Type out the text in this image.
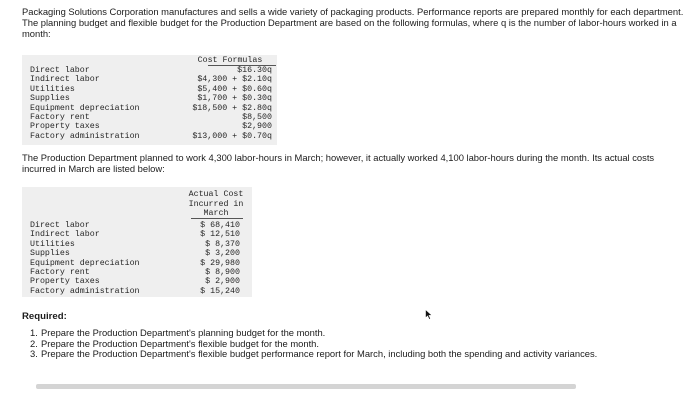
Packaging Solutions Corporation manufactures and sells a wide variety of packaging products. Performance reports are prepared monthly for each department. The planning budget and flexible budget for the Production Department are based on the following formulas, where q is the number of labor-hours worked in a month:

Cost Formulas
Direct labor
Indirect labor
Utilities
Supplies
Equipment depreciation
Factory rent
Property taxes
Factory administration
$16.30q
$4,300 + $2.10q
$5,400 + $0.60q
$1,700 + $0.30q
$18,500 + $2.80q
$8,500
$2,900
$13,000 + $0.70q

The Production Department planned to work 4,300 labor-hours in March; however, it actually worked 4,100 labor-hours during the month. Its actual costs incurred in March are listed below:

Actual Cost
Incurred in
March
Direct labor
Indirect labor
Utilities
Supplies
Equipment depreciation
Factory rent
Property taxes
Factory administration
$ 68,410
$ 12,510
$ 8,370
$ 3,200
$ 29,980
$ 8,900
$ 2,900
$ 15,240
Required:
1. Prepare the Production Department's planning budget for the month.
2. Prepare the Production Department's flexible budget for the month.
3. Prepare the Production Department's flexible budget performance report for March, including both the spending and activity variances.
